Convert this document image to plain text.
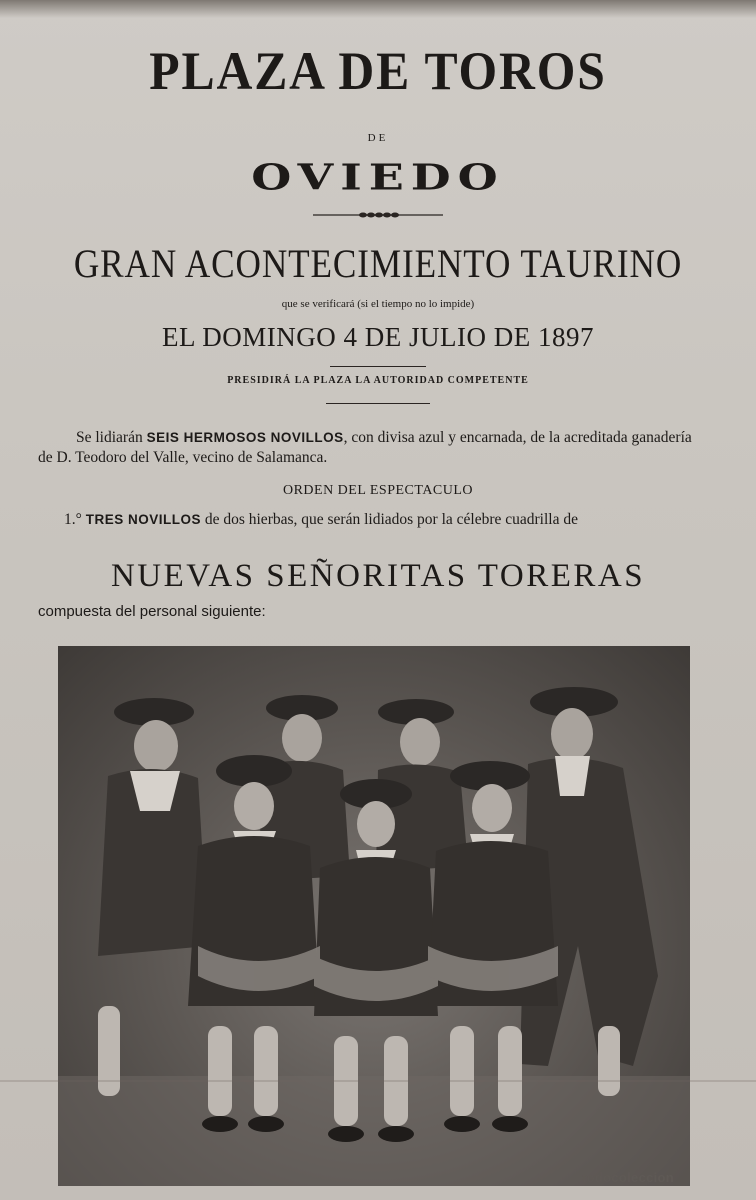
PLAZA DE TOROS
DE
OVIEDO
GRAN ACONTECIMIENTO TAURINO
que se verificará (si el tiempo no lo impide)
EL DOMINGO 4 DE JULIO DE 1897
PRESIDIRÁ LA PLAZA LA AUTORIDAD COMPETENTE
Se lidiarán SEIS HERMOSOS NOVILLOS, con divisa azul y encarnada, de la acreditada ganadería de D. Teodoro del Valle, vecino de Salamanca.
ORDEN DEL ESPECTACULO
1.° TRES NOVILLOS de dos hierbas, que serán lidiados por la célebre cuadrilla de
NUEVAS SEÑORITAS TORERAS
compuesta del personal siguiente:
todocoleccion
